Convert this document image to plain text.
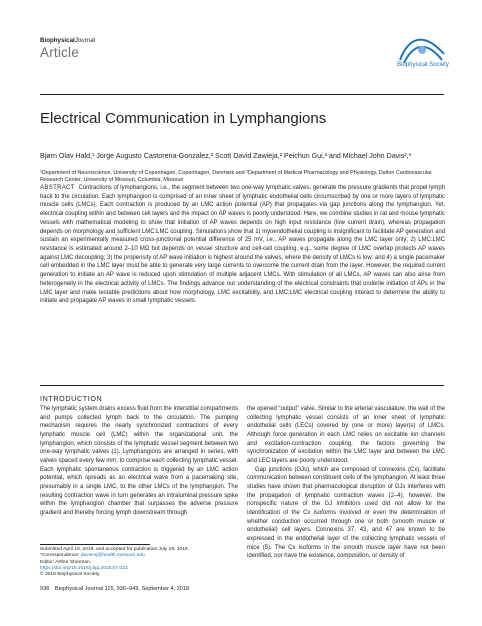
BiophysicalJournal
Article
Biophysical Society
Electrical Communication in Lymphangions
Bjørn Olav Hald,¹ Jorge Augusto Castorena-Gonzalez,² Scott David Zawieja,² Peichun Gui,² and Michael John Davis²,*
¹Department of Neuroscience, University of Copenhagen, Copenhagen, Denmark and ²Department of Medical Pharmacology and Physiology, Dalton Cardiovascular Research Center, University of Missouri, Columbia, Missouri
ABSTRACT Contractions of lymphangions, i.e., the segment between two one-way lymphatic valves, generate the pressure gradients that propel lymph back to the circulation. Each lymphangion is comprised of an inner sheet of lymphatic endothelial cells circumscribed by one or more layers of lymphatic muscle cells (LMCs). Each contraction is produced by an LMC action potential (AP) that propagates via gap junctions along the lymphangion. Yet, electrical coupling within and between cell layers and the impact on AP waves is poorly understood. Here, we combine studies in rat and mouse lymphatic vessels with mathematical modeling to show that initiation of AP waves depends on high input resistance (low current drain), whereas propagation depends on morphology and sufficient LMC:LMC coupling. Simulations show that 1) myoendothelial coupling is insignificant to facilitate AP generation and sustain an experimentally measured cross-junctional potential difference of 25 mV, i.e., AP waves propagate along the LMC layer only; 2) LMC:LMC resistance is estimated around 2–10 MΩ but depends on vessel structure and cell-cell coupling, e.g., some degree of LMC overlap protects AP waves against LMC decoupling; 3) the propensity of AP wave initiation is highest around the valves, where the density of LMCs is low; and 4) a single pacemaker cell embedded in the LMC layer must be able to generate very large currents to overcome the current drain from the layer. However, the required current generation to initiate an AP wave is reduced upon stimulation of multiple adjacent LMCs. With stimulation of all LMCs, AP waves can also arise from heterogeneity in the electrical activity of LMCs. The findings advance our understanding of the electrical constraints that underlie initiation of APs in the LMC layer and make testable predictions about how morphology, LMC excitability, and LMC:LMC electrical coupling interact to determine the ability to initiate and propagate AP waves in small lymphatic vessels.
INTRODUCTION

The lymphatic system drains excess fluid from the interstitial compartments and pumps collected lymph back to the circulation. The pumping mechanism requires the nearly synchronized contractions of every lymphatic muscle cell (LMC) within the organizational unit, the lymphangion, which consists of the lymphatic vessel segment between two one-way lymphatic valves (1). Lymphangions are arranged in series, with valves spaced every few mm, to comprise each collecting lymphatic vessel. Each lymphatic spontaneous contraction is triggered by an LMC action potential, which spreads as an electrical wave from a pacemaking site, presumably in a single LMC, to the other LMCs of the lymphangion. The resulting contraction wave in turn generates an intraluminal pressure spike within the lymphangion chamber that surpasses the adverse pressure gradient and thereby forcing lymph downstream through

the opened “output” valve. Similar to the arterial vasculature, the wall of the collecting lymphatic vessel consists of an inner sheet of lymphatic endothelial cells (LECs) covered by (one or more) layer(s) of LMCs. Although force generation in each LMC relies on excitable ion channels and excitation-contraction coupling, the factors governing the synchronization of excitation within the LMC layer and between the LMC and LEC layers are poorly understood.

Gap junctions (GJs), which are composed of connexins (Cx), facilitate communication between constituent cells of the lymphangion. At least three studies have shown that pharmacological disruption of GJs interferes with the propagation of lymphatic contraction waves (2–4); however, the nonspecific nature of the GJ inhibitors used did not allow for the identification of the Cx isoforms involved or even the determination of whether conduction occurred through one or both (smooth muscle or endothelial) cell layers. Connexins 37, 43, and 47 are known to be expressed in the endothelial layer of the collecting lymphatic vessels of mice (5). The Cx isoforms in the smooth muscle layer have not been identified, nor have the existence, composition, or density of

Submitted April 19, 2018, and accepted for publication July 19, 2018.
*Correspondence: davismj@health.missouri.edu
Editor: Arthur Sherman.
https://doi.org/10.1016/j.bpj.2018.07.033
© 2018 Biophysical Society.
936 Biophysical Journal 115, 936–949, September 4, 2018
